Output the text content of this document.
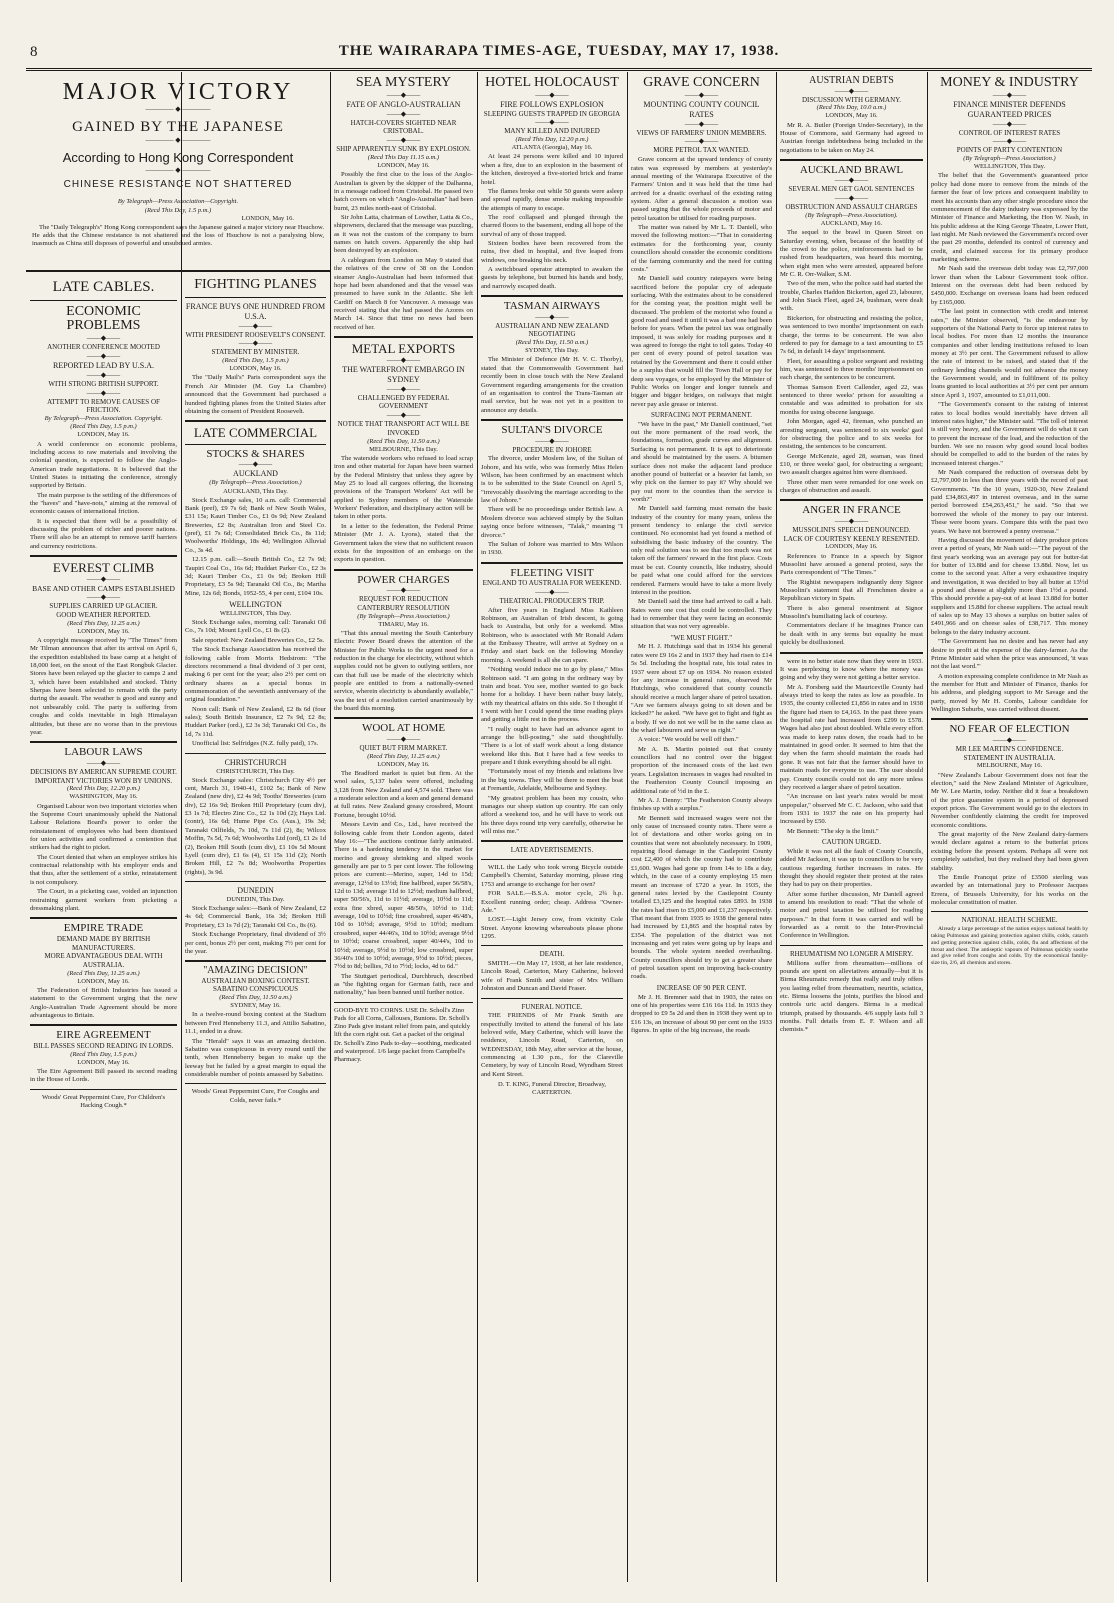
8	THE WAIRARAPA TIMES-AGE, TUESDAY, MAY 17, 1938.
MAJOR VICTORY
———— ◆ ————
GAINED BY THE JAPANESE
———— ◆ ————
According to Hong Kong Correspondent
———— ◆ ————
CHINESE RESISTANCE NOT SHATTERED
By Telegraph—Press Association—Copyright.
(Recd This Day, 1.5 p.m.)
LONDON, May 16.

The "Daily Telegraph's" Hong Kong correspondent says the Japanese gained a major victory near Hsuchow. He adds that the Chinese resistance is not shattered and the loss of Hsuchow is not a paralysing blow, inasmuch as China still disposes of powerful and unsubdued armies.

LATE CABLES.
ECONOMIC PROBLEMS
——◆——
ANOTHER CONFERENCE MOOTED
——◆——
REPORTED LEAD BY U.S.A.
——◆——
WITH STRONG BRITISH SUPPORT.
——◆——
ATTEMPT TO REMOVE CAUSES OF FRICTION.
By Telegraph—Press Association. Copyright.
(Recd This Day, 1.5 p.m.)
LONDON, May 16.

A world conference on economic problems, including access to raw materials and involving the colonial question, is expected to follow the Anglo-American trade negotiations. It is believed that the United States is initiating the conference, strongly supported by Britain.

The main purpose is the settling of the differences of the "haves" and "have-nots," aiming at the removal of economic causes of international friction.

It is expected that there will be a possibility of discussing the problem of richer and poorer nations. There will also be an attempt to remove tariff barriers and currency restrictions.

EVEREST CLIMB
——◆——
BASE AND OTHER CAMPS ESTABLISHED
——◆——
SUPPLIES CARRIED UP GLACIER.
GOOD WEATHER REPORTED.
(Recd This Day, 11.25 a.m.)
LONDON, May 16.

A copyright message received by "The Times" from Mr Tilman announces that after its arrival on April 6, the expedition established its base camp at a height of 18,000 feet, on the snout of the East Rongbuk Glacier. Stores have been relayed up the glacier to camps 2 and 3, which have been established and stocked. Thirty Sherpas have been selected to remain with the party during the assault. The weather is good and sunny and not unbearably cold. The party is suffering from coughs and colds inevitable in high Himalayan altitudes, but these are no worse than in the previous year.

LABOUR LAWS
——◆——
DECISIONS BY AMERICAN SUPREME COURT.
IMPORTANT VICTORIES WON BY UNIONS.
(Recd This Day, 12.20 p.m.)
WASHINGTON, May 16.

Organised Labour won two important victories when the Supreme Court unanimously upheld the National Labour Relations Board's power to order the reinstatement of employees who had been dismissed for union activities and confirmed a contention that strikers had the right to picket.

The Court denied that when an employee strikes his contractual relationship with his employer ends and that thus, after the settlement of a strike, reinstatement is not compulsory.

The Court, in a picketing case, voided an injunction restraining garment workers from picketing a dressmaking plant.

EMPIRE TRADE
DEMAND MADE BY BRITISH MANUFACTURERS.
MORE ADVANTAGEOUS DEAL WITH AUSTRALIA.
(Recd This Day, 11.25 a.m.)
LONDON, May 16.

The Federation of British Industries has issued a statement to the Government urging that the new Anglo-Australian Trade Agreement should be more advantageous to Britain.

EIRE AGREEMENT
BILL PASSES SECOND READING IN LORDS.
(Recd This Day, 1.5 p.m.)
LONDON, May 16.

The Eire Agreement Bill passed its second reading in the House of Lords.

Woods' Great Peppermint Cure, For Children's Hacking Cough.*
FIGHTING PLANES
FRANCE BUYS ONE HUNDRED FROM U.S.A.
——◆——
WITH PRESIDENT ROOSEVELT'S CONSENT.
——◆——
STATEMENT BY MINISTER.
(Recd This Day, 1.5 p.m.)
LONDON, May 16.

The "Daily Mail's" Paris correspondent says the French Air Minister (M. Guy La Chambre) announced that the Government had purchased a hundred fighting planes from the United States after obtaining the consent of President Roosevelt.

LATE COMMERCIAL
STOCKS & SHARES
——◆——
AUCKLAND
(By Telegraph—Press Association.)
AUCKLAND, This Day.

Stock Exchange sales, 10 a.m. call: Commercial Bank (pref), £9 7s 6d; Bank of New South Wales, £31 15s; Kauri Timber Co., £1 0s 9d; New Zealand Breweries, £2 8s; Australian Iron and Steel Co. (pref), £1 7s 6d; Consolidated Brick Co., 8s 11d; Woolworths' Holdings, 18s 4d; Wellington Alluvial Co., 3s 4d.

12.15 p.m. call:—South British Co., £2 7s 9d; Taupiri Coal Co., 16s 6d; Huddart Parker Co., £2 3s 3d; Kauri Timber Co., £1 0s 9d; Broken Hill Proprietary, £3 5s 9d; Taranaki Oil Co., 8s; Martha Mine, 12s 6d; Bonds, 1952-55, 4 per cent, £104 10s.

WELLINGTON
WELLINGTON, This Day.

Stock Exchange sales, morning call: Taranaki Oil Co., 7s 10d; Mount Lyell Co., £1 8s (2).

Sale reported: New Zealand Breweries Co., £2 5s.

The Stock Exchange Association has received the following cable from Morris Hedstrom: "The directors recommend a final dividend of 3 per cent, making 6 per cent for the year; also 2½ per cent on ordinary shares as a special bonus in commemoration of the seventieth anniversary of the original foundation."

Noon call: Bank of New Zealand, £2 8s 6d (four sales); South British Insurance, £2 7s 9d, £2 8s; Huddart Parker (ord.), £2 3s 3d; Taranaki Oil Co., 8s 1d, 7s 11d.

Unofficial list: Selfridges (N.Z. fully paid), 17s.

CHRISTCHURCH
CHRISTCHURCH, This Day.

Stock Exchange sales: Christchurch City 4½ per cent, March 31, 1940-41, £102 5s; Bank of New Zealand (new div), £2 4s 9d; Tooths' Breweries (cum div), £2 16s 9d; Broken Hill Proprietary (cum div), £3 1s 7d; Electro Zinc Co., £2 1s 10d (2); Hays Ltd. (contr), 16s 6d; Hume Pipe Co. (Aus.), 19s 3d; Taranaki Oilfields, 7s 10d, 7s 11d (2), 8s; Wilcox Moffin, 7s 5d, 7s 6d; Woolworths Ltd (ord), £1 2s 1d (2), Broken Hill South (cum div), £1 10s 5d Mount Lyell (cum div), £1 6s (4), £1 15s 11d (2); North Broken Hill, £2 7s 8d; Woolworths Properties (rights), 3s 9d.

DUNEDIN
DUNEDIN, This Day.

Stock Exchange sales:—Bank of New Zealand, £2 4s 6d; Commercial Bank, 16s 3d; Broken Hill Proprietary, £3 1s 7d (2); Taranaki Oil Co., 8s (6).

Stock Exchange Proprietary, final dividend of 3½ per cent, bonus 2½ per cent, making 7½ per cent for the year.

"AMAZING DECISION"
AUSTRALIAN BOXING CONTEST.
SABATINO CONSPICUOUS
(Recd This Day, 11.50 a.m.)
SYDNEY, May 16.

In a twelve-round boxing contest at the Stadium between Fred Henneberry 11.3, and Attilio Sabatino, 11.1, ended in a draw.

The "Herald" says it was an amazing decision. Sabatino was conspicuous in every round until the tenth, when Henneberry began to make up the leeway but he failed by a great margin to equal the considerable number of points amassed by Sabatino.

Woods' Great Peppermint Cure, For Coughs and Colds, never fails.*
SEA MYSTERY
——◆——
FATE OF ANGLO-AUSTRALIAN
——◆——
HATCH-COVERS SIGHTED NEAR CRISTOBAL.
——◆——
SHIP APPARENTLY SUNK BY EXPLOSION.
(Recd This Day 11.15 a.m.)
LONDON, May 16.

Possibly the first clue to the loss of the Anglo-Australian is given by the skipper of the Dalhanna, in a message radioed from Cristobal. He passed two hatch covers on which "Anglo-Australian" had been burnt, 23 miles north-east of Cristobal.

Sir John Latta, chairman of Lowther, Latta & Co., shipowners, declared that the message was puzzling, as it was not the custom of the company to burn names on hatch covers. Apparently the ship had been destroyed by an explosion.

A cablegram from London on May 9 stated that the relatives of the crew of 38 on the London steamer Anglo-Australian had been informed that hope had been abandoned and that the vessel was presumed to have sunk in the Atlantic. She left Cardiff on March 8 for Vancouver. A message was received stating that she had passed the Azores on March 14. Since that time no news had been received of her.

METAL EXPORTS
——◆——
THE WATERFRONT EMBARGO IN SYDNEY
——◆——
CHALLENGED BY FEDERAL GOVERNMENT
——◆——
NOTICE THAT TRANSPORT ACT WILL BE INVOKED
(Recd This Day, 11.50 a.m.)
MELBOURNE, This Day.

The waterside workers who refused to load scrap iron and other material for Japan have been warned by the Federal Ministry that unless they agree by May 25 to load all cargoes offering, the licensing provisions of the Transport Workers' Act will be applied to Sydney members of the Waterside Workers' Federation, and disciplinary action will be taken in other ports.

In a letter to the federation, the Federal Prime Minister (Mr J. A. Lyons), stated that the Government takes the view that no sufficient reason exists for the imposition of an embargo on the exports in question.

POWER CHARGES
——◆——
REQUEST FOR REDUCTION
CANTERBURY RESOLUTION
(By Telegraph—Press Association.)
TIMARU, May 16.

"That this annual meeting the South Canterbury Electric Power Board draws the attention of the Minister for Public Works to the urgent need for a reduction in the charge for electricity, without which supplies could not be given to outlying settlers, nor can that full use be made of the electricity which people are entitled to from a nationally-owned service, wherein electricity is abundantly available," was the text of a resolution carried unanimously by the board this morning.

WOOL AT HOME
——◆——
QUIET BUT FIRM MARKET.
(Recd This Day, 11.25 a.m.)
LONDON, May 16.

The Bradford market is quiet but firm. At the wool sales, 5,137 bales were offered, including 3,128 from New Zealand and 4,574 sold. There was a moderate selection and a keen and general demand at full rates. New Zealand greasy crossbred, Mount Fortune, brought 10½d.

Messrs Levin and Co., Ltd., have received the following cable from their London agents, dated May 16:—"The auctions continue fairly animated. There is a hardening tendency in the market for merino and greasy shrinking and sliped wools generally are par to 5 per cent lower. The following prices are current:—Merino, super, 14d to 15d; average, 12½d to 13½d; fine halfbred, super 56/58's, 12d to 13d; average 11d to 12½d; medium halfbred, super 50/56's, 11d to 11½d; average, 10½d to 11d; extra fine xbred, super 48/50's, 10½d to 11d; average, 10d to 10½d; fine crossbred, super 46/48's, 10d to 10½d; average, 9½d to 10½d; medium crossbred, super 44/46's, 10d to 10½d; average 9½d to 10½d; coarse crossbred, super 40/44's, 10d to 10½d; average, 9½d to 10½d; low crossbred, super 36/40's 10d to 10½d; average, 9½d to 10½d; pieces, 7½d to 8d; bellies, 7d to 7½d; locks, 4d to 6d."

The Stuttgart periodical, Durchbruch, described as "the fighting organ for German faith, race and nationality," has been banned until further notice.

GOOD-BYE TO CORNS. USE Dr. Scholl's Zino Pads for all Corns, Callouses, Bunions. Dr. Scholl's Zino Pads give instant relief from pain, and quickly lift the corn right out. Get a packet of the original Dr. Scholl's Zino Pads to-day—soothing, medicated and waterproof. 1/6 large packet from Campbell's Pharmacy.
HOTEL HOLOCAUST
——◆——
FIRE FOLLOWS EXPLOSION
SLEEPING GUESTS TRAPPED IN GEORGIA
——◆——
MANY KILLED AND INJURED
(Recd This Day, 12.20 p.m.)
ATLANTA (Georgia), May 16.

At least 24 persons were killed and 10 injured when a fire, due to an explosion in the basement of the kitchen, destroyed a five-storied brick and frame hotel.

The flames broke out while 50 guests were asleep and spread rapidly, dense smoke making impossible the attempts of many to escape.

The roof collapsed and plunged through the charred floors to the basement, ending all hope of the survival of any of those trapped.

Sixteen bodies have been recovered from the ruins, five died in hospital, and five leaped from windows, one breaking his neck.

A switchboard operator attempted to awaken the guests by telephone, but burned his hands and body, and narrowly escaped death.

TASMAN AIRWAYS
——◆——
AUSTRALIAN AND NEW ZEALAND NEGOTIATING
(Recd This Day, 11.50 a.m.)
SYDNEY, This Day.

The Minister of Defence (Mr H. V. C. Thorby), stated that the Commonwealth Government had recently been in close touch with the New Zealand Government regarding arrangements for the creation of an organisation to control the Trans-Tasman air mail service, but he was not yet in a position to announce any details.

SULTAN'S DIVORCE
——◆——
PROCEDURE IN JOHORE

The divorce, under Moslem law, of the Sultan of Johore, and his wife, who was formerly Miss Helen Wilson, has been confirmed by an enactment which is to be submitted to the State Council on April 5, "irrevocably dissolving the marriage according to the law of Johore."

There will be no proceedings under British law. A Moslem divorce was achieved simply by the Sultan saying once before witnesses, "Talak," meaning "I divorce."

The Sultan of Johore was married to Mrs Wilson in 1930.

FLEETING VISIT
ENGLAND TO AUSTRALIA FOR WEEKEND.
——◆——
THEATRICAL PRODUCER'S TRIP.

After five years in England Miss Kathleen Robinson, an Australian of Irish descent, is going back to Australia, but only for a weekend. Miss Robinson, who is associated with Mr Ronald Adam at the Embassy Theatre, will arrive at Sydney on a Friday and start back on the following Monday morning. A weekend is all she can spare.

"Nothing would induce me to go by plane," Miss Robinson said. "I am going in the ordinary way by train and boat. You see, mother wanted to go back home for a holiday. I have been rather busy lately, with my theatrical affairs on this side. So I thought if I went with her I could spend the time reading plays and getting a little rest in the process.

"I really ought to have had an advance agent to arrange the bill-posting," she said thoughtfully. "There is a lot of staff work about a long distance weekend like this. But I have had a few weeks to prepare and I think everything should be all right.

"Fortunately most of my friends and relations live in the big towns. They will be there to meet the boat at Fremantle, Adelaide, Melbourne and Sydney.

"My greatest problem has been my cousin, who manages our sheep station up country. He can only afford a weekend too, and he will have to work out his three days round trip very carefully, otherwise he will miss me."

LATE ADVERTISEMENTS.

WILL the Lady who took wrong Bicycle outside Campbell's Chemist, Saturday morning, please ring 1753 and arrange to exchange for her own?

FOR SALE.—B.S.A. motor cycle, 2¾ h.p. Excellent running order; cheap. Address "Owner-Ade."

LOST.—Light Jersey cow, from vicinity Cole Street. Anyone knowing whereabouts please phone 1295.

DEATH.

SMITH.—On May 17, 1938, at her late residence, Lincoln Road, Carterton, Mary Catherine, beloved wife of Frank Smith and sister of Mrs William Johnston and Duncan and David Fraser.

FUNERAL NOTICE.

THE FRIENDS of Mr Frank Smith are respectfully invited to attend the funeral of his late beloved wife, Mary Catherine, which will leave the residence, Lincoln Road, Carterton, on WEDNESDAY, 18th May, after service at the house, commencing at 1.30 p.m., for the Clareville Cemetery, by way of Lincoln Road, Wyndham Street and Kent Street.

D. T. KING, Funeral Director, Broadway, CARTERTON.
GRAVE CONCERN
——◆——
MOUNTING COUNTY COUNCIL RATES
——◆——
VIEWS OF FARMERS' UNION MEMBERS.
——◆——
MORE PETROL TAX WANTED.

Grave concern at the upward tendency of county rates was expressed by members at yesterday's annual meeting of the Wairarapa Executive of the Farmers' Union and it was held that the time had arrived for a drastic overhaul of the existing rating system. After a general discussion a motion was passed urging that the whole proceeds of motor and petrol taxation be utilised for roading purposes.

The matter was raised by Mr L. T. Daniell, who moved the following motion:—"That in considering estimates for the forthcoming year, county councillors should consider the economic conditions of the farming community and the need for cutting costs."

Mr Daniell said country ratepayers were being sacrificed before the popular cry of adequate surfacing. With the estimates about to be considered for the coming year, the position might well be discussed. The problem of the motorist who found a good road and used it until it was a bad one had been before for years. When the petrol tax was originally imposed, it was solely for roading purposes and it was agreed to forego the right to toll gates. Today 40 per cent of every pound of petrol taxation was retained by the Government and there it could either be a surplus that would fill the Town Hall or pay for deep sea voyages, or be employed by the Minister of Public Works on longer and longer tunnels and bigger and bigger bridges, on railways that might never pay axle grease or interest.

SURFACING NOT PERMANENT.

"We have in the past," Mr Daniell continued, "set out the more permanent of the road work, the foundations, formation, grade curves and alignment. Surfacing is not permanent. It is apt to deteriorate and should be maintained by the users. A bitumen surface does not make the adjacent land produce another pound of butterfat or a heavier fat lamb, so why pick on the farmer to pay it? Why should we pay out more to the counties than the service is worth?"

Mr Daniell said farming must remain the basic industry of the country for many years, unless the present tendency to enlarge the civil service continued. No economist had yet found a method of subsidising the basic industry of the country. The only real solution was to see that too much was not taken off the farmers' reward in the first place. Costs must be cut. County councils, like industry, should be paid what one could afford for the services rendered. Farmers would have to take a more lively interest in the position.

Mr Daniell said the time had arrived to call a halt. Rates were one cost that could be controlled. They had to remember that they were facing an economic situation that was not very agreeable.

"WE MUST FIGHT."

Mr H. J. Hutchings said that in 1934 his general rates were £9 16s 2 and in 1937 they had risen to £14 5s 5d. Including the hospital rate, his total rates in 1937 were about £7 up on 1934. No reason existed for any increase in general rates, observed Mr Hutchings, who considered that county councils should receive a much larger share of petrol taxation. "Are we farmers always going to sit down and be kicked?" he asked. "We have got to fight and fight as a body. If we do not we will be in the same class as the wharf labourers and serve us right."

A voice: "We would be well off then."

Mr A. B. Martin pointed out that county councillors had no control over the biggest proportion of the increased costs of the last two years. Legislation increases in wages had resulted in the Featherston County Council imposing an additional rate of ½d in the £.

Mr A. J. Denny: "The Featherston County always finishes up with a surplus."

Mr Bennett said increased wages were not the only cause of increased county rates. There were a lot of deviations and other works going on in counties that were not absolutely necessary. In 1909, repairing flood damage in the Castlepoint County cost £2,400 of which the county had to contribute £1,600. Wages had gone up from 14s to 18s a day, which, in the case of a county employing 15 men meant an increase of £720 a year. In 1935, the general rates levied by the Castlepoint County totalled £3,125 and the hospital rates £893. In 1938 the rates had risen to £5,000 and £1,237 respectively. That meant that from 1935 to 1938 the general rates had increased by £1,865 and the hospital rates by £354. The population of the district was not increasing and yet rates were going up by leaps and bounds. The whole system needed overhauling. County councillors should try to get a greater share of petrol taxation spent on improving back-country roads.

INCREASE OF 90 PER CENT.

Mr J. H. Bremner said that in 1903, the rates on one of his properties were £16 16s 11d. In 1933 they dropped to £9 5s 2d and then in 1938 they went up to £16 13s, an increase of about 90 per cent on the 1933 figures. In spite of the big increase, the roads

AUSTRIAN DEBTS
——◆——
DISCUSSION WITH GERMANY.
(Recd This Day, 10.0 a.m.)
LONDON, May 16.

Mr R. A. Butler (Foreign Under-Secretary), in the House of Commons, said Germany had agreed to Austrian foreign indebtedness being included in the negotiations to be taken on May 24.

AUCKLAND BRAWL
——◆——
SEVERAL MEN GET GAOL SENTENCES
——◆——
OBSTRUCTION AND ASSAULT CHARGES
(By Telegraph—Press Association).
AUCKLAND, May 16.

The sequel to the brawl in Queen Street on Saturday evening, when, because of the hostility of the crowd to the police, reinforcements had to be rushed from headquarters, was heard this morning, when eight men who were arrested, appeared before Mr C. R. Orr-Walker, S.M.

Two of the men, who the police said had started the trouble, Charles Haddon Bickerton, aged 23, labourer, and John Stack Fleet, aged 24, bushman, were dealt with.

Bickerton, for obstructing and resisting the police, was sentenced to two months' imprisonment on each charge, the terms to be concurrent. He was also ordered to pay for damage to a taxi amounting to £5 7s 6d, in default 14 days' imprisonment.

Fleet, for assaulting a police sergeant and resisting him, was sentenced to three months' imprisonment on each charge, the sentences to be concurrent.

Thomas Samson Evert Callender, aged 22, was sentenced to three weeks' prison for assaulting a constable and was admitted to probation for six months for using obscene language.

John Morgan, aged 42, fireman, who punched an arresting sergeant, was sentenced to six weeks' gaol for obstructing the police and to six weeks for resisting, the sentences to be concurrent.

George McKenzie, aged 28, seaman, was fined £10, or three weeks' gaol, for obstructing a sergeant; two assault charges against him were dismissed.

Three other men were remanded for one week on charges of obstruction and assault.

ANGER IN FRANCE
——◆——
MUSSOLINI'S SPEECH DENOUNCED.
LACK OF COURTESY KEENLY RESENTED.
LONDON, May 16.

References to France in a speech by Signor Mussolini have aroused a general protest, says the Paris correspondent of "The Times."

The Rightist newspapers indignantly deny Signor Mussolini's statement that all Frenchmen desire a Republican victory in Spain.

There is also general resentment at Signor Mussolini's humiliating lack of courtesy.

Commentators declare if he imagines France can be dealt with in any terms but equality he must quickly be disillusioned.

were in no better state now than they were in 1933. It was perplexing to know where the money was going and why they were not getting a better service.

Mr A. Forsberg said the Mauriceville County had always tried to keep the rates as low as possible. In 1935, the county collected £1,856 in rates and in 1938 the figure had risen to £4,163. In the past three years the hospital rate had increased from £299 to £578. Wages had also just about doubled. While every effort was made to keep rates down, the roads had to be maintained in good order. It seemed to him that the day when the farm should maintain the roads had gone. It was not fair that the farmer should have to maintain roads for everyone to use. The user should pay. County councils could not do any more unless they received a larger share of petrol taxation.

"An increase on last year's rates would be most unpopular," observed Mr C. C. Jackson, who said that from 1931 to 1937 the rate on his property had increased by £50.

Mr Bennett: "The sky is the limit."

CAUTION URGED.

While it was not all the fault of County Councils, added Mr Jackson, it was up to councillors to be very cautious regarding further increases in rates. He thought they should register their protest at the rates they had to pay on their properties.

After some further discussion, Mr Daniell agreed to amend his resolution to read: "That the whole of motor and petrol taxation be utilised for roading purposes." In that form it was carried and will be forwarded as a remit to the Inter-Provincial Conference in Wellington.

RHEUMATISM NO LONGER A MISERY.

Millions suffer from rheumatism—millions of pounds are spent on alleviatives annually—but it is Birma Rheumatic remedy that really and truly offers you lasting relief from rheumatism, neuritis, sciatica, etc. Birma loosens the joints, purifies the blood and controls uric acid dangers. Birma is a medical triumph, praised by thousands. 4/6 supply lasts full 3 months. Full details from E. F. Wilson and all chemists.*

MONEY & INDUSTRY
——◆——
FINANCE MINISTER DEFENDS GUARANTEED PRICES
——◆——
CONTROL OF INTEREST RATES
——◆——
POINTS OF PARTY CONTENTION
(By Telegraph—Press Association.)
WELLINGTON, This Day.

The belief that the Government's guaranteed price policy had done more to remove from the minds of the farmer the fear of low prices and consequent inability to meet his accounts than any other single procedure since the commencement of the dairy industry was expressed by the Minister of Finance and Marketing, the Hon W. Nash, in his public address at the King George Theatre, Lower Hutt, last night. Mr Nash reviewed the Government's record over the past 29 months, defended its control of currency and credit, and claimed success for its primary produce marketing scheme.

Mr Nash said the overseas debt today was £2,797,000 lower than when the Labour Government took office. Interest on the overseas debt had been reduced by £450,000. Exchange on overseas loans had been reduced by £165,000.

"The last point in connection with credit and interest rates," the Minister observed, "is the endeavour by supporters of the National Party to force up interest rates to local bodies. For more than 12 months the insurance companies and other lending institutions refused to loan money at 3½ per cent. The Government refused to allow the rate of interest to be raised, and stated that if the ordinary lending channels would not advance the money the Government would, and in fulfilment of its policy loans granted to local authorities at 3½ per cent per annum since April 1, 1937, amounted to £1,011,000.

"The Government's consent to the raising of interest rates to local bodies would inevitably have driven all interest rates higher," the Minister said. "The toll of interest is still very heavy, and the Government will do what it can to prevent the increase of the load, and the reduction of the burden. We see no reason why good sound local bodies should be compelled to add to the burden of the rates by increased interest charges."

Mr Nash compared the reduction of overseas debt by £2,797,000 in less than three years with the record of past Governments. "In the 10 years, 1920-30, New Zealand paid £34,863,497 in interest overseas, and in the same period borrowed £54,263,451," he said. "So that we borrowed the whole of the money to pay our interest. These were boom years. Compare this with the past two years. We have not borrowed a penny overseas."

Having discussed the movement of dairy produce prices over a period of years, Mr Nash said:—"The payout of the first year's working was an average pay out for butter-fat for butter of 13.88d and for cheese 13.88d. Now, let us come to the second year. After a very exhaustive inquiry and investigation, it was decided to buy all butter at 13½d a pound and cheese at slightly more than 1½d a pound. This should provide a pay-out of at least 13.88d for butter suppliers and 15.88d for cheese suppliers. The actual result of sales up to May 13 shows a surplus on butter sales of £491,966 and on cheese sales of £38,717. This money belongs to the dairy industry account.

"The Government has no desire and has never had any desire to profit at the expense of the dairy-farmer. As the Prime Minister said when the price was announced, 'it was not the last word.'"

A motion expressing complete confidence in Mr Nash as the member for Hutt and Minister of Finance, thanks for his address, and pledging support to Mr Savage and the party, moved by Mr H. Combs, Labour candidate for Wellington Suburbs, was carried without dissent.

NO FEAR OF ELECTION
——◆——
MR LEE MARTIN'S CONFIDENCE.
STATEMENT IN AUSTRALIA.
MELBOURNE, May 16.

"New Zealand's Labour Government does not fear the election," said the New Zealand Minister of Agriculture, Mr W. Lee Martin, today. Neither did it fear a breakdown of the price guarantee system in a period of depressed export prices. The Government would go to the electors in November confidently claiming the credit for improved economic conditions.

The great majority of the New Zealand dairy-farmers would declare against a return to the butterfat prices existing before the present system. Perhaps all were not completely satisfied, but they realised they had been given stability.

The Emile Francqui prize of £3500 sterling was awarded by an international jury to Professor Jacques Errera, of Brussels University, for his works on the molecular constitution of matter.

NATIONAL HEALTH SCHEME.

Already a large percentage of the nation enjoys national health by taking Pulmonas and gaining protection against chills, colds, catarrh and getting protection against chills, colds, flu and affections of the throat and chest. The antiseptic vapours of Pulmonas quickly soothe and give relief from coughs and colds. Try the economical family-size tin, 2/6, all chemists and stores.
